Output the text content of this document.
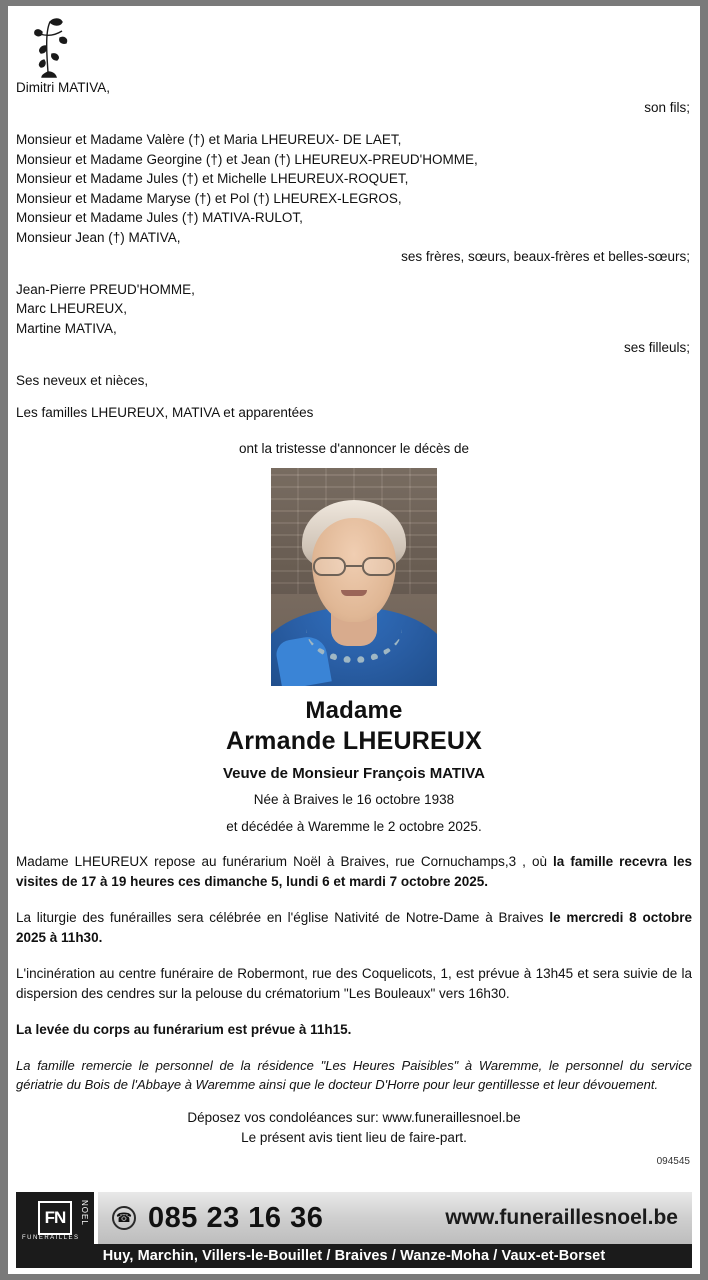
Dimitri MATIVA,
son fils;
Monsieur et Madame Valère (†) et Maria LHEUREUX- DE LAET,
Monsieur et Madame Georgine (†) et Jean (†) LHEUREUX-PREUD'HOMME,
Monsieur et Madame Jules (†) et Michelle LHEUREUX-ROQUET,
Monsieur et Madame Maryse (†) et Pol (†) LHEUREX-LEGROS,
Monsieur et Madame Jules (†) MATIVA-RULOT,
Monsieur Jean (†) MATIVA,
ses frères, sœurs, beaux-frères et belles-sœurs;
Jean-Pierre PREUD'HOMME,
Marc LHEUREUX,
Martine MATIVA,
ses filleuls;
Ses neveux et nièces,
Les familles LHEUREUX, MATIVA et apparentées
ont la tristesse d'annoncer le décès de
Madame
Armande LHEUREUX
Veuve de Monsieur François MATIVA
Née à Braives le 16 octobre 1938
et décédée à Waremme le 2 octobre 2025.
Madame LHEUREUX repose au funérarium Noël à Braives, rue Cornuchamps,3 , où la famille recevra les visites de 17 à 19 heures ces dimanche 5, lundi 6 et mardi 7 octobre 2025.
La liturgie des funérailles sera célébrée en l'église Nativité de Notre-Dame à Braives le mercredi 8 octobre 2025 à 11h30.
L'incinération au centre funéraire de Robermont, rue des Coquelicots, 1, est prévue à 13h45 et sera suivie de la dispersion des cendres sur la pelouse du crématorium "Les Bouleaux" vers 16h30.
La levée du corps au funérarium est prévue à 11h15.
La famille remercie le personnel de la résidence "Les Heures Paisibles" à Waremme, le personnel du service gériatrie du Bois de l'Abbaye à Waremme ainsi que le docteur D'Horre pour leur gentillesse et leur dévouement.
Déposez vos condoléances sur: www.funeraillesnoel.be
Le présent avis tient lieu de faire-part.
094545
FN	NOEL
FUNERAILLES
☎ 085 23 16 36	www.funeraillesnoel.be
Huy, Marchin, Villers-le-Bouillet / Braives / Wanze-Moha / Vaux-et-Borset
